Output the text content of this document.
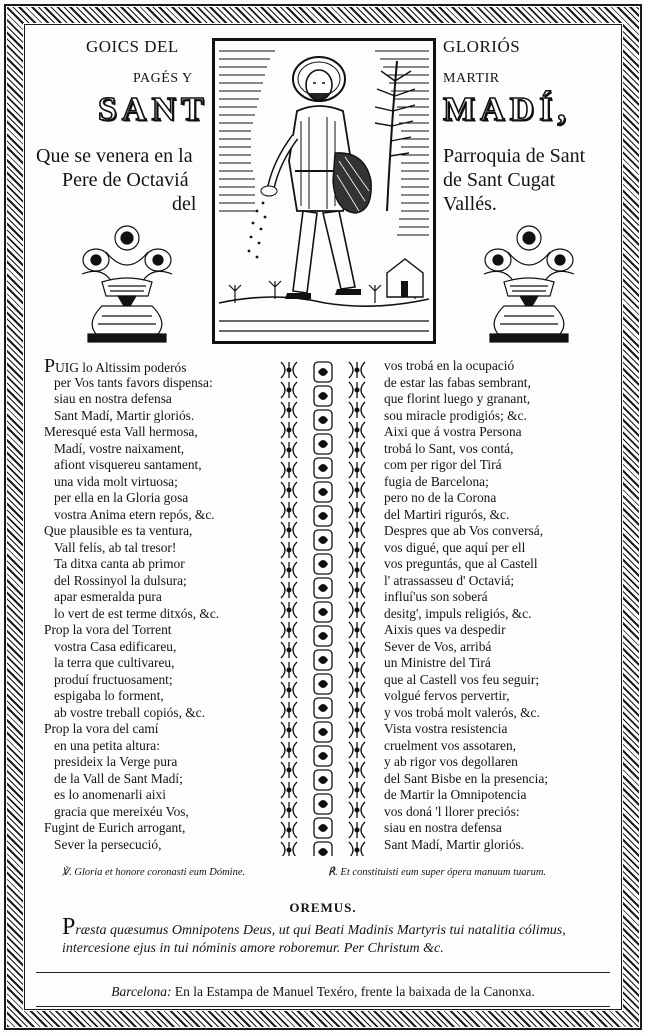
GOICS DEL	GLORIÓS
PAGÉS Y	MARTIR
SANT	MADÍ,
Que se venera en la
Pere de Octaviá
del
Parroquia de Sant
de Sant Cugat
Vallés.
PUIG lo Altissim poderós
per Vos tants favors dispensa:
siau en nostra defensa
Sant Madí, Martir gloriós.
Meresqué esta Vall hermosa,
Madí, vostre naixament,
afiont visquereu santament,
una vida molt virtuosa;
per ella en la Gloria gosa
vostra Anima etern repós, &c.
Que plausible es ta ventura,
Vall felís, ab tal tresor!
Ta ditxa canta ab primor
del Rossinyol la dulsura;
apar esmeralda pura
lo vert de est terme ditxós, &c.
Prop la vora del Torrent
vostra Casa edificareu,
la terra que cultivareu,
produí fructuosament;
espigaba lo forment,
ab vostre treball copiós, &c.
Prop la vora del camí
en una petita altura:
presideix la Verge pura
de la Vall de Sant Madí;
es lo anomenarli aixi
gracia que mereixéu Vos,
Fugint de Eurich arrogant,
Sever la persecució,
vos trobá en la ocupació
de estar las fabas sembrant,
que florint luego y granant,
sou miracle prodigiós; &c.
Aixi que á vostra Persona
trobá lo Sant, vos contá,
com per rigor del Tirá
fugia de Barcelona;
pero no de la Corona
del Martiri rigurós, &c.
Despres que ab Vos conversá,
vos digué, que aquí per ell
vos preguntás, que al Castell
l' atrassasseu d' Octaviá;
influí'us son soberá
desitg', impuls religiós, &c.
Aixis ques va despedir
Sever de Vos, arribá
un Ministre del Tirá
que al Castell vos feu seguir;
volgué fervos pervertir,
y vos trobá molt valerós, &c.
Vista vostra resistencia
cruelment vos assotaren,
y ab rigor vos degollaren
del Sant Bisbe en la presencia;
de Martir la Omnipotencia
vos doná 'l llorer preciós:
siau en nostra defensa
Sant Madí, Martir gloriós.
℣. Gloria et honore coronasti eum Dómine.	℟. Et constituisti eum super ópera manuum tuarum.
OREMUS.
Præsta quæsumus Omnipotens Deus, ut qui Beati Madinis Martyris tui natalitia cólimus, intercesione ejus in tui nóminis amore roboremur. Per Christum &c.
Barcelona: En la Estampa de Manuel Texéro, frente la baixada de la Canonxa.
